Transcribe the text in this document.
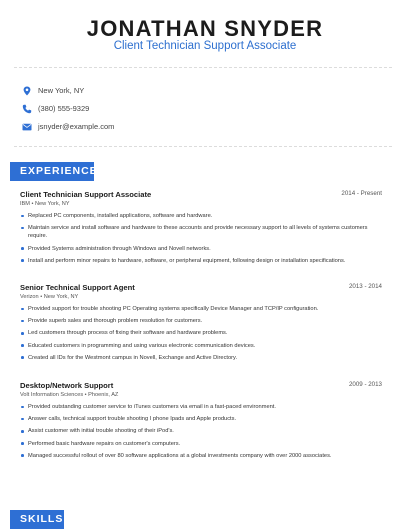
JONATHAN SNYDER
Client Technician Support Associate
New York, NY
(380) 555-9329
jsnyder@example.com
EXPERIENCE
Client Technician Support Associate	2014 - Present
IBM • New York, NY
Replaced PC components, installed applications, software and hardware.
Maintain service and install software and hardware to these accounts and provide necessary support to all levels of systems customers require.
Provided Systems administration through Windows and Novell networks.
Install and perform minor repairs to hardware, software, or peripheral equipment, following design or installation specifications.
Senior Technical Support Agent	2013 - 2014
Verizon • New York, NY
Provided support for trouble shooting PC Operating systems specifically Device Manager and TCP/IP configuration.
Provide superb sales and thorough problem resolution for customers.
Led customers through process of fixing their software and hardware problems.
Educated customers in programming and using various electronic communication devices.
Created all IDs for the Westmont campus in Novell, Exchange and Active Directory.
Desktop/Network Support	2009 - 2013
Volt Information Sciences • Phoenix, AZ
Provided outstanding customer service to iTunes customers via email in a fast-paced environment.
Answer calls, technical support trouble shooting I phone Ipads and Apple products.
Assist customer with initial trouble shooting of their iPod's.
Performed basic hardware repairs on customer's computers.
Managed successful rollout of over 80 software applications at a global investments company with over 2000 associates.
SKILLS
